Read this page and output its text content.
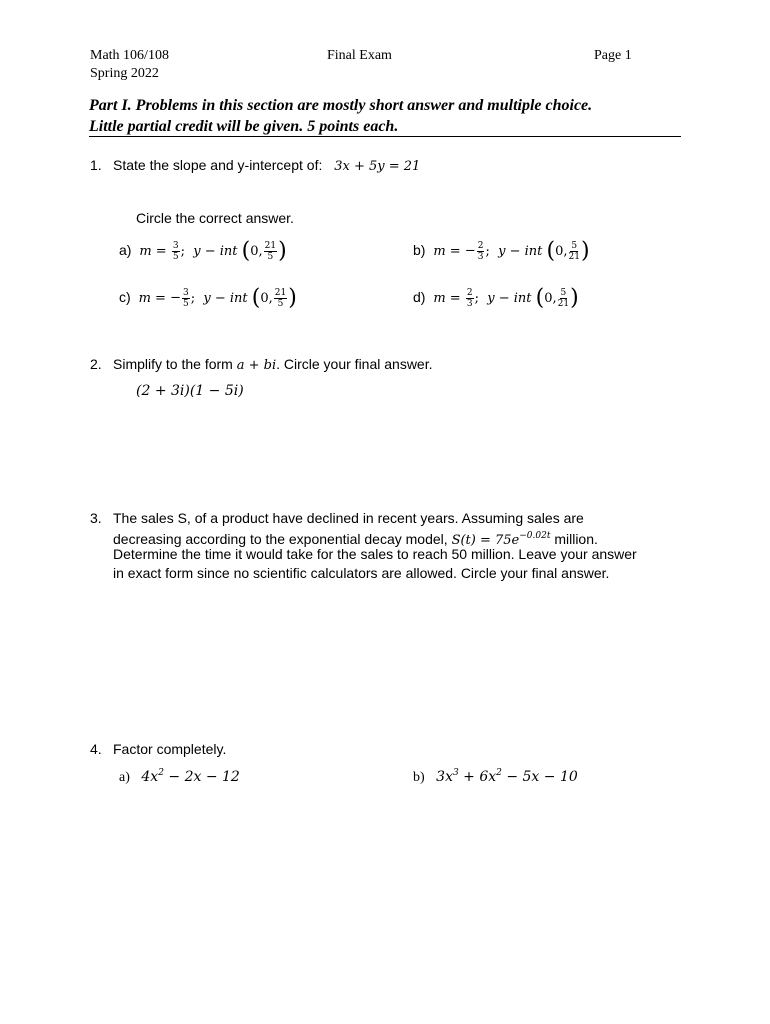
Math 106/108
Spring 2022
Final Exam	Page 1
Part I. Problems in this section are mostly short answer and multiple choice.
Little partial credit will be given. 5 points each.
1. State the slope and y-intercept of: 3x + 5y = 21
Circle the correct answer.
a) $m = \frac{3}{5}$ ; y − int (0, $\frac{21}{5}$ )	b) m = − $\frac{2}{3}$ ; y − int (0, $\frac{5}{21}$ )
c) m = − $\frac{3}{5}$ ; y − int (0, $\frac{21}{5}$ )	d) $m = \frac{2}{3}$ ; y − int (0, $\frac{5}{21}$ )
2. Simplify to the form a + bi. Circle your final answer.
(2 + 3i)(1 − 5i)
3. The sales S, of a product have declined in recent years. Assuming sales are
decreasing according to the exponential decay model, $S(t) = 75e^{-0.02t}$ million.
Determine the time it would take for the sales to reach 50 million. Leave your answer
in exact form since no scientific calculators are allowed. Circle your final answer.
4. Factor completely.
a) $4x^2 - 2x - 12$	b) $3x^3 + 6x^2 - 5x - 10$
